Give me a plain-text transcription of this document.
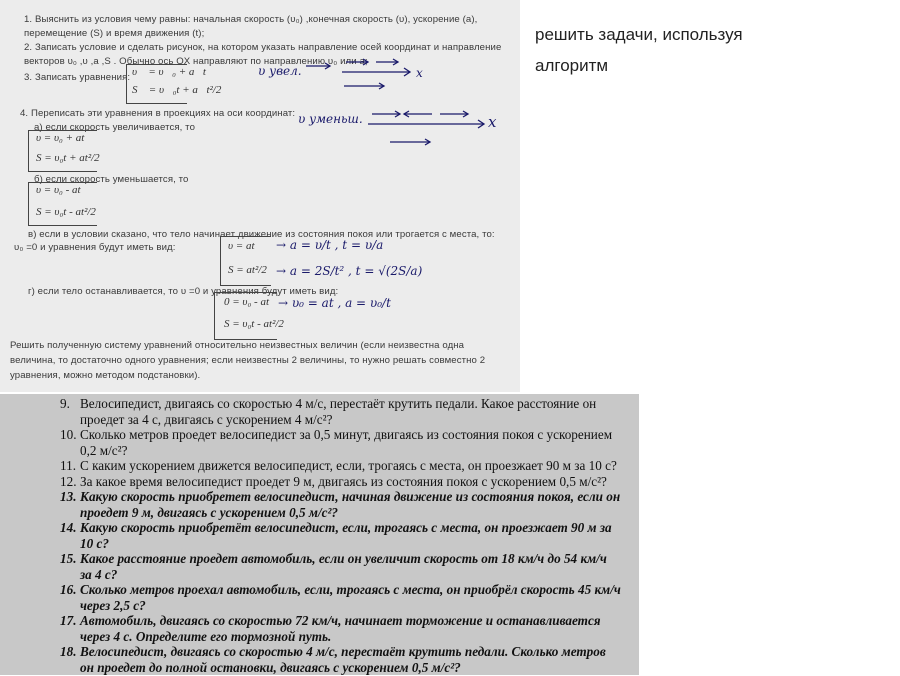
1. Выяснить из условия чему равны: начальная скорость (υ₀) ,конечная скорость (υ), ускорение (a),
перемещение (S) и время движения (t);
2. Записать условие и сделать рисунок, на котором указать направление осей координат и направление
векторов υ₀ ,υ ,a ,S . Обычно ось OX направляют по направлению υ₀ или a;
3. Записать уравнения: υ⃗ = υ⃗₀ + a⃗t
S⃗ = υ⃗₀t + a⃗t²/2
4. Переписать эти уравнения в проекциях на оси координат:
а) если скорость увеличивается, то
υ = υ₀ + at
S = υ₀t + at²/2
б) если скорость уменьшается, то
υ = υ₀ - at
S = υ₀t - at²/2
в) если в условии сказано, что тело начинает движение из состояния покоя или трогается с места, то:
υ₀ =0 и уравнения будут иметь вид:	υ = at
S = at²/2
г) если тело останавливается, то υ =0 и уравнения будут иметь вид:
0 = υ₀ - at
S = υ₀t - at²/2
Решить полученную систему уравнений относительно неизвестных величин (если неизвестна одна
величина, то достаточно одного уравнения; если неизвестны 2 величины, то нужно решать совместно 2
уравнения, можно методом подстановки).
υ увел.
υ уменьш.
x
x
→ a = υ/t , t = υ/a
→ a = 2S/t² , t = √(2S/a)
→ υ₀ = at , a = υ₀/t
решить задачи, используя
алгоритм
9. Велосипедист, двигаясь со скоростью 4 м/с, перестаёт крутить педали. Какое расстояние он
проедет за 4 с, двигаясь с ускорением 4 м/с²?
10. Сколько метров проедет велосипедист за 0,5 минут, двигаясь из состояния покоя с ускорением
0,2 м/с²?
11. С каким ускорением движется велосипедист, если, трогаясь с места, он проезжает 90 м за 10 с?
12. За какое время велосипедист проедет 9 м, двигаясь из состояния покоя с ускорением 0,5 м/с²?
13. Какую скорость приобретет велосипедист, начиная движение из состояния покоя, если он
проедет 9 м, двигаясь с ускорением 0,5 м/с²?
14. Какую скорость приобретёт велосипедист, если, трогаясь с места, он проезжает 90 м за
10 с?
15. Какое расстояние проедет автомобиль, если он увеличит скорость от 18 км/ч до 54 км/ч
за 4 с?
16. Сколько метров проехал автомобиль, если, трогаясь с места, он приобрёл скорость 45 км/ч
через 2,5 с?
17. Автомобиль, двигаясь со скоростью 72 км/ч, начинает торможение и останавливается
через 4 с. Определите его тормозной путь.
18. Велосипедист, двигаясь со скоростью 4 м/с, перестаёт крутить педали. Сколько метров
он проедет до полной остановки, двигаясь с ускорением 0,5 м/с²?
